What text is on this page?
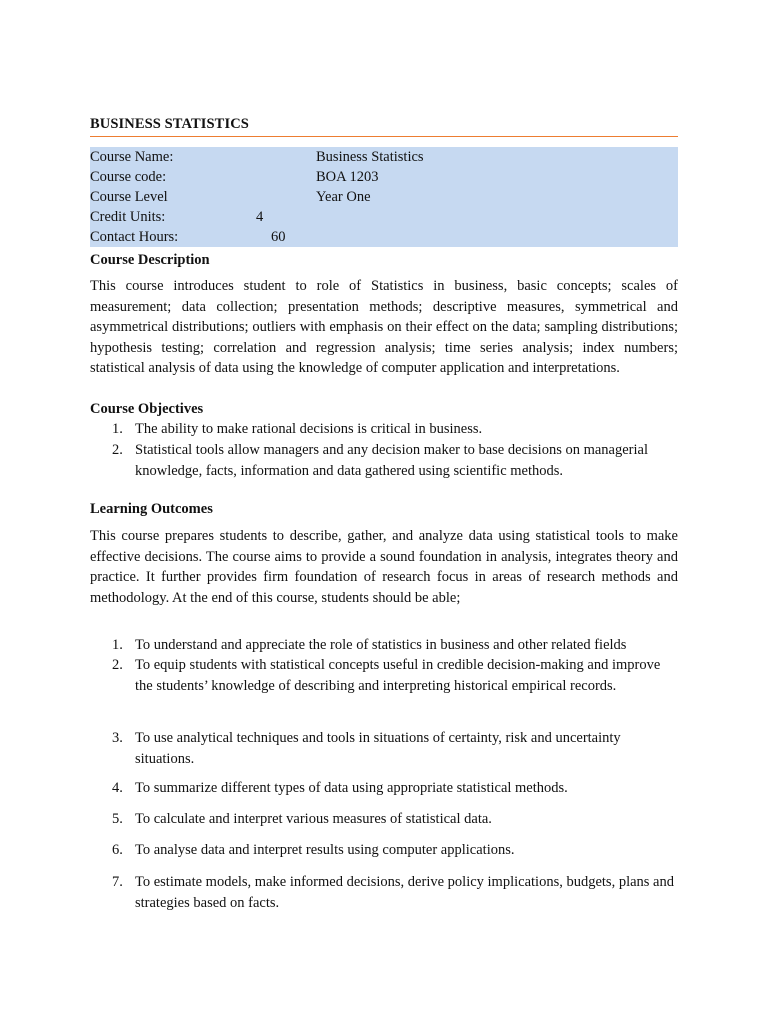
BUSINESS STATISTICS
Course Name:	Business Statistics
Course code:	BOA 1203
Course Level	Year One
Credit Units:	4
Contact Hours:	60
Course Description
This course introduces student to role of Statistics in business, basic concepts; scales of measurement; data collection; presentation methods; descriptive measures, symmetrical and asymmetrical distributions; outliers with emphasis on their effect on the data; sampling distributions; hypothesis testing; correlation and regression analysis; time series analysis; index numbers; statistical analysis of data using the knowledge of computer application and interpretations.
Course Objectives
1. The ability to make rational decisions is critical in business.
2. Statistical tools allow managers and any decision maker to base decisions on managerial knowledge, facts, information and data gathered using scientific methods.
Learning Outcomes
This course prepares students to describe, gather, and analyze data using statistical tools to make effective decisions. The course aims to provide a sound foundation in analysis, integrates theory and practice. It further provides firm foundation of research focus in areas of research methods and methodology. At the end of this course, students should be able;
1. To understand and appreciate the role of statistics in business and other related fields
2. To equip students with statistical concepts useful in credible decision-making and improve the students’ knowledge of describing and interpreting historical empirical records.
3. To use analytical techniques and tools in situations of certainty, risk and uncertainty situations.
4. To summarize different types of data using appropriate statistical methods.
5. To calculate and interpret various measures of statistical data.
6. To analyse data and interpret results using computer applications.
7. To estimate models, make informed decisions, derive policy implications, budgets, plans and strategies based on facts.
